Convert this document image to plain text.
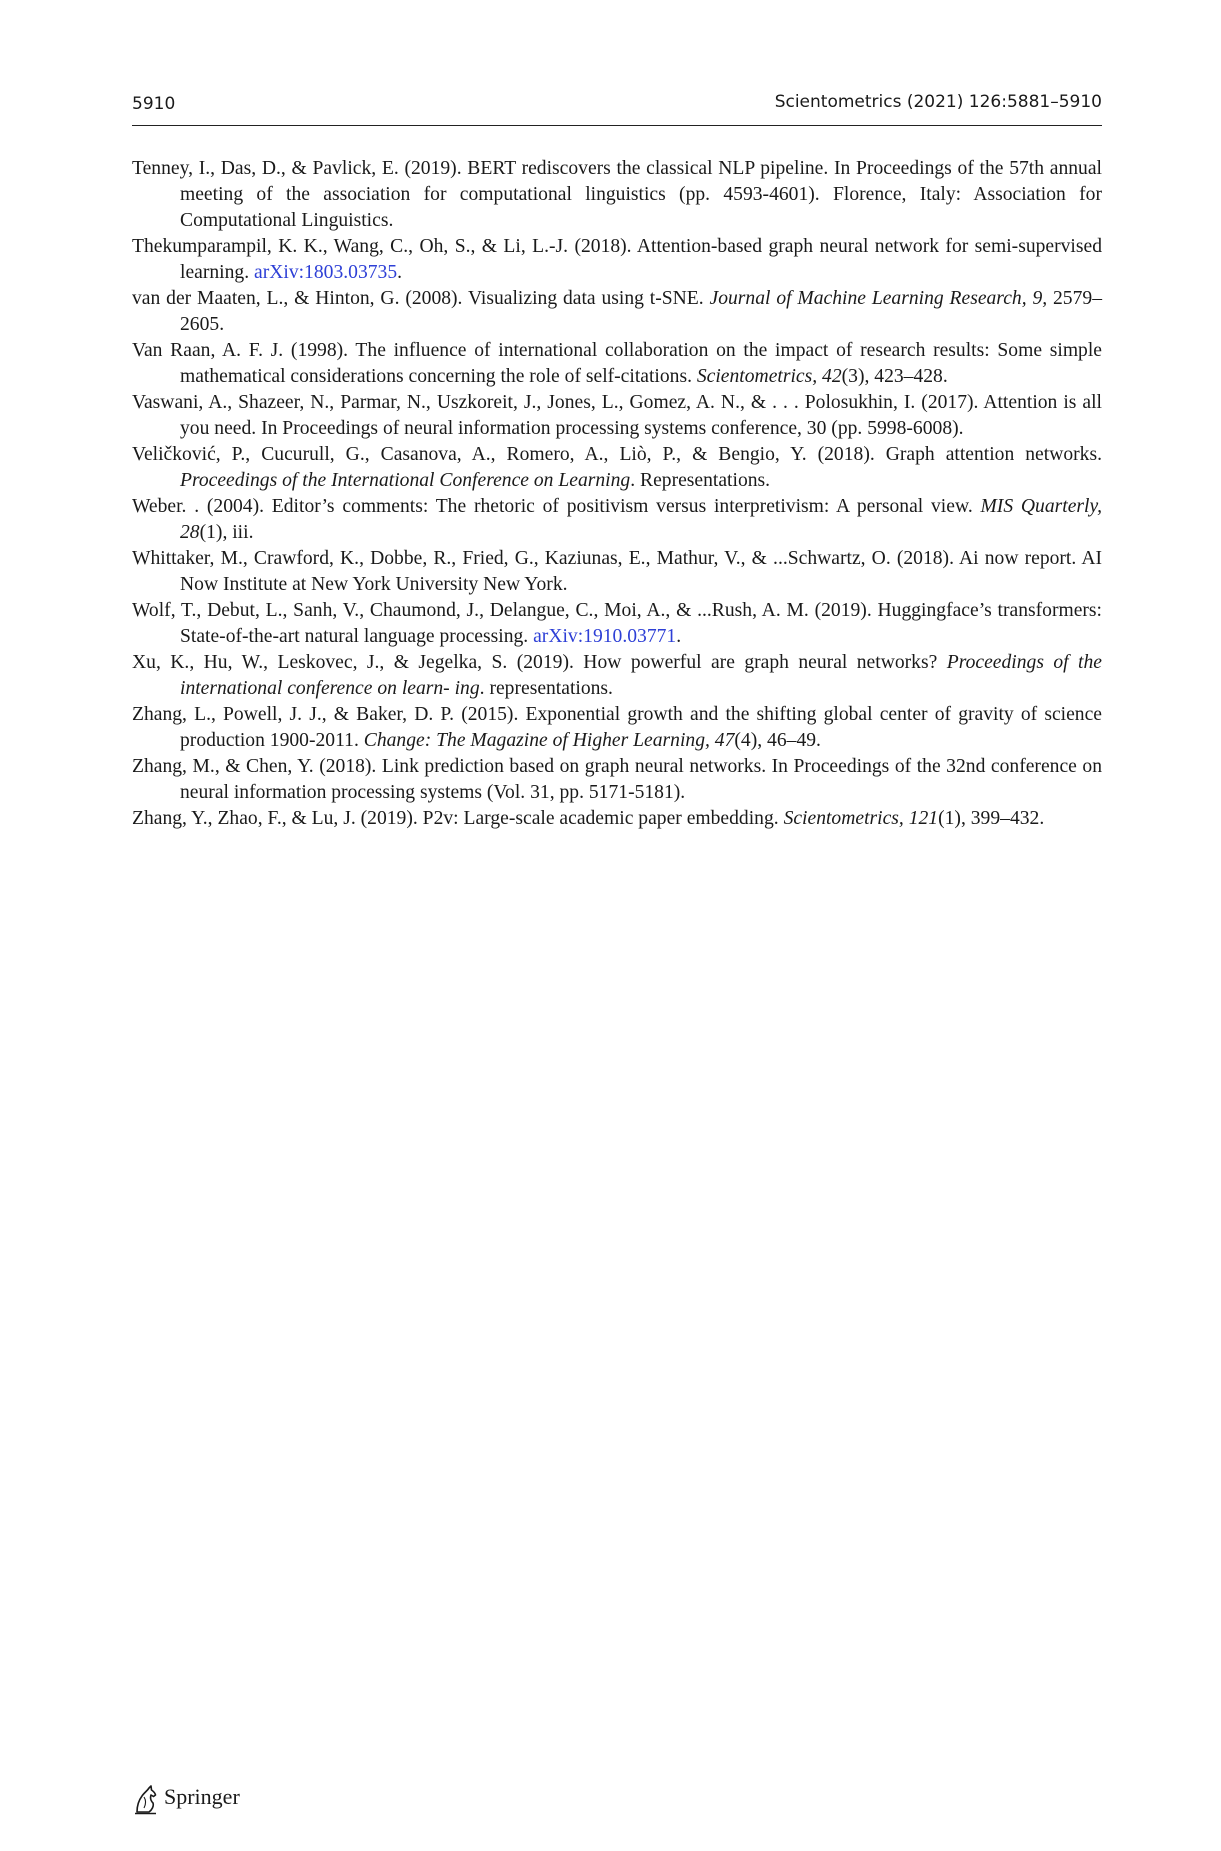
5910	Scientometrics (2021) 126:5881–5910
Tenney, I., Das, D., & Pavlick, E. (2019). BERT rediscovers the classical NLP pipeline. In Proceedings of the 57th annual meeting of the association for computational linguistics (pp. 4593-4601). Florence, Italy: Association for Computational Linguistics.
Thekumparampil, K. K., Wang, C., Oh, S., & Li, L.-J. (2018). Attention-based graph neural network for semi-supervised learning. arXiv:1803.03735.
van der Maaten, L., & Hinton, G. (2008). Visualizing data using t-SNE. Journal of Machine Learning Research, 9, 2579–2605.
Van Raan, A. F. J. (1998). The influence of international collaboration on the impact of research results: Some simple mathematical considerations concerning the role of self-citations. Scientometrics, 42(3), 423–428.
Vaswani, A., Shazeer, N., Parmar, N., Uszkoreit, J., Jones, L., Gomez, A. N., & . . . Polosukhin, I. (2017). Attention is all you need. In Proceedings of neural information processing systems conference, 30 (pp. 5998-6008).
Veličković, P., Cucurull, G., Casanova, A., Romero, A., Liò, P., & Bengio, Y. (2018). Graph attention networks. Proceedings of the International Conference on Learning. Representations.
Weber. . (2004). Editor’s comments: The rhetoric of positivism versus interpretivism: A personal view. MIS Quarterly, 28(1), iii.
Whittaker, M., Crawford, K., Dobbe, R., Fried, G., Kaziunas, E., Mathur, V., & ...Schwartz, O. (2018). Ai now report. AI Now Institute at New York University New York.
Wolf, T., Debut, L., Sanh, V., Chaumond, J., Delangue, C., Moi, A., & ...Rush, A. M. (2019). Huggingface’s transformers: State-of-the-art natural language processing. arXiv:1910.03771.
Xu, K., Hu, W., Leskovec, J., & Jegelka, S. (2019). How powerful are graph neural networks? Proceedings of the international conference on learn- ing. representations.
Zhang, L., Powell, J. J., & Baker, D. P. (2015). Exponential growth and the shifting global center of gravity of science production 1900-2011. Change: The Magazine of Higher Learning, 47(4), 46–49.
Zhang, M., & Chen, Y. (2018). Link prediction based on graph neural networks. In Proceedings of the 32nd conference on neural information processing systems (Vol. 31, pp. 5171-5181).
Zhang, Y., Zhao, F., & Lu, J. (2019). P2v: Large-scale academic paper embedding. Scientometrics, 121(1), 399–432.
Springer
